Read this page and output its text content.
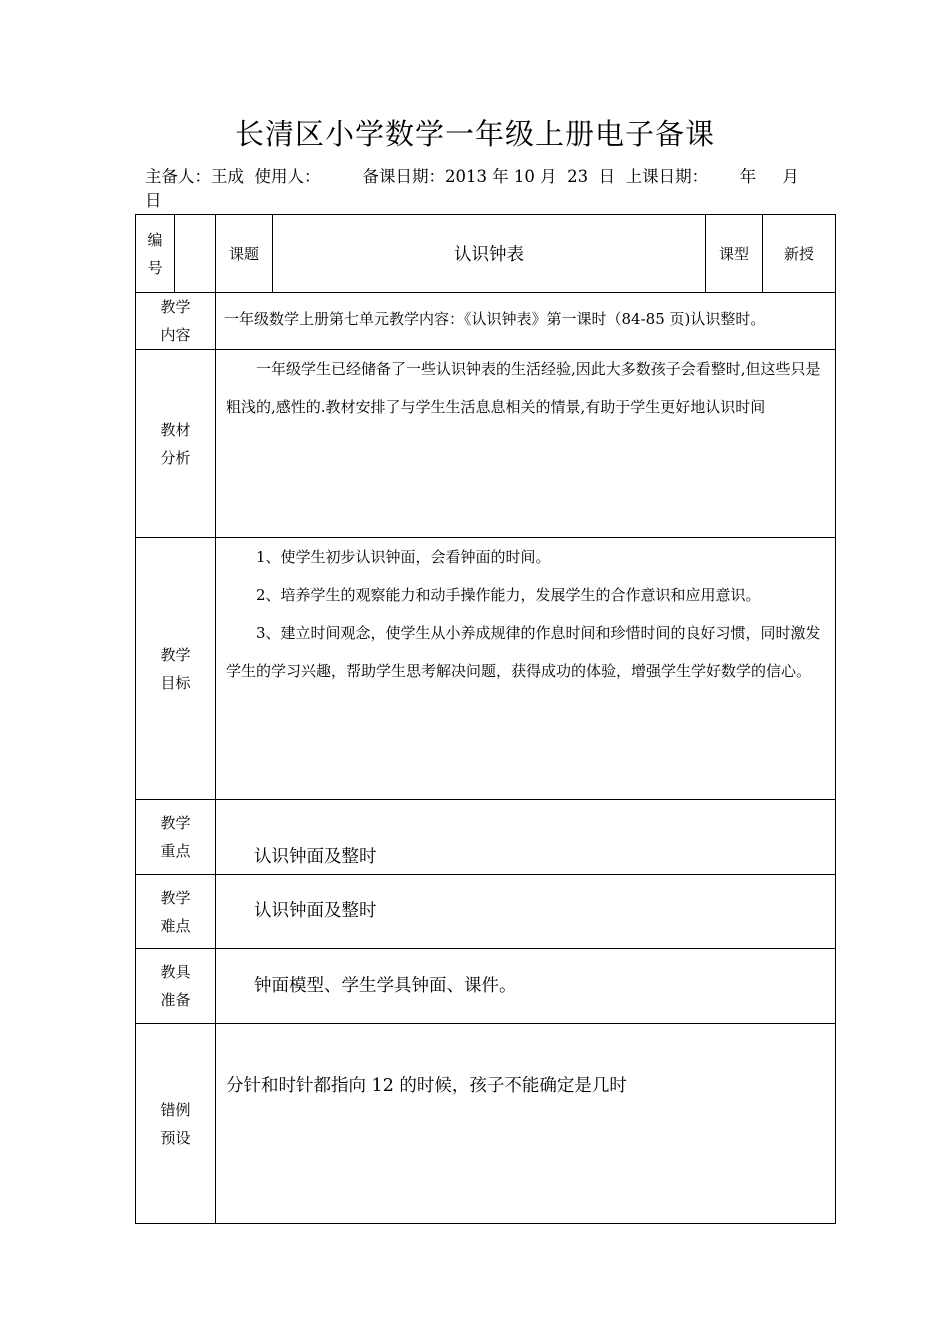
长清区小学数学一年级上册电子备课
主备人：王成  使用人：        备课日期：2013 年 10 月  23  日  上课日期：      年     月
日
编
号

	课题	认识钟表	课型	新授

教学
内容
	一年级数学上册第七单元教学内容：《认识钟表》第一课时（84-85 页)认识整时。

教材
分析

一年级学生已经储备了一些认识钟表的生活经验,因此大多数孩子会看整时,但这些只是粗浅的,感性的.教材安排了与学生生活息息相关的情景,有助于学生更好地认识时间

教学
目标

1、使学生初步认识钟面，会看钟面的时间。
2、培养学生的观察能力和动手操作能力，发展学生的合作意识和应用意识。
3、建立时间观念，使学生从小养成规律的作息时间和珍惜时间的良好习惯，同时激发学生的学习兴趣，帮助学生思考解决问题，获得成功的体验，增强学生学好数学的信心。

教学
重点	认识钟面及整时

教学
难点
	认识钟面及整时

教具
准备
	钟面模型、学生学具钟面、课件。

错例
预设
	分针和时针都指向 12 的时候，孩子不能确定是几时
